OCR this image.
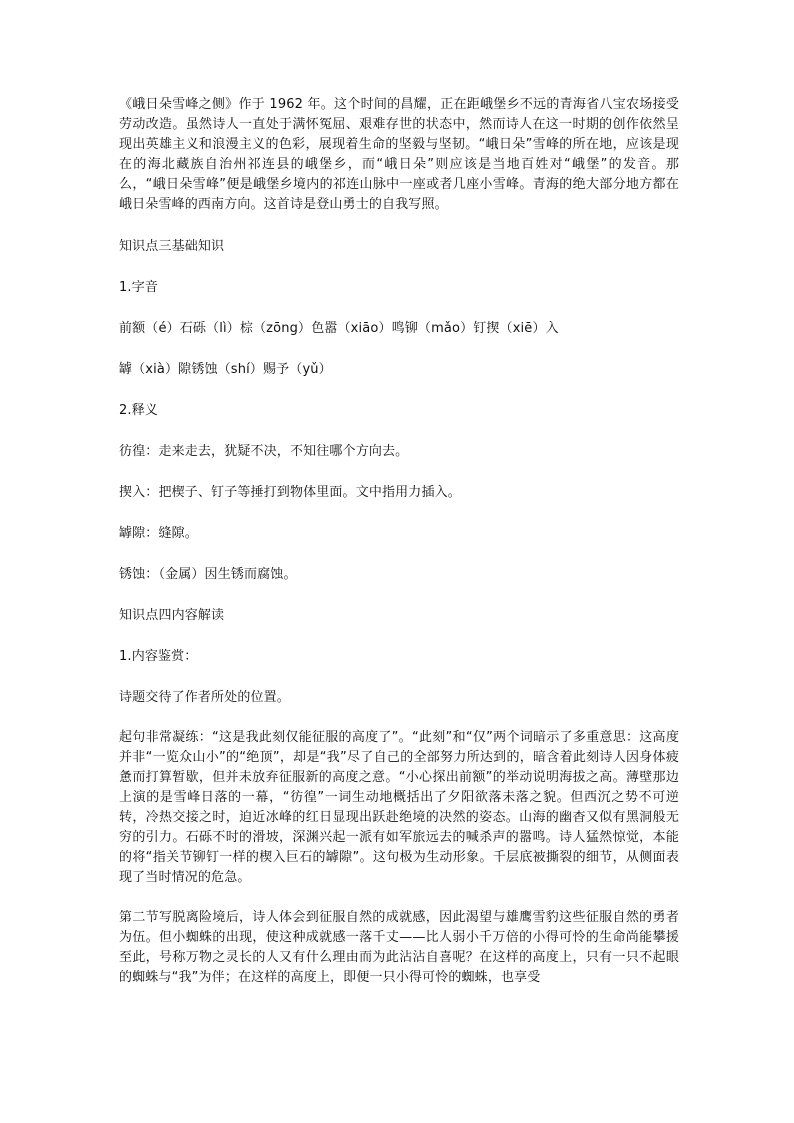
《峨日朵雪峰之侧》作于 1962 年。这个时间的昌耀，正在距峨堡乡不远的青海省八宝农场接受劳动改造。虽然诗人一直处于满怀冤屈、艰难存世的状态中，然而诗人在这一时期的创作依然呈现出英雄主义和浪漫主义的色彩，展现着生命的坚毅与坚韧。“峨日朵”雪峰的所在地，应该是现在的海北藏族自治州祁连县的峨堡乡，而“峨日朵”则应该是当地百姓对“峨堡”的发音。那么，“峨日朵雪峰”便是峨堡乡境内的祁连山脉中一座或者几座小雪峰。青海的绝大部分地方都在峨日朵雪峰的西南方向。这首诗是登山勇士的自我写照。

知识点三基础知识

1.字音

前额（é）石砾（lì）棕（zōng）色嚣（xiāo）鸣铆（mǎo）钉揳（xiē）入

罅（xià）隙锈蚀（shí）赐予（yǔ）

2.释义

彷徨：走来走去，犹疑不决，不知往哪个方向去。

揳入：把楔子、钉子等捶打到物体里面。文中指用力插入。

罅隙：缝隙。

锈蚀：（金属）因生锈而腐蚀。

知识点四内容解读

1.内容鉴赏：

诗题交待了作者所处的位置。

起句非常凝练：“这是我此刻仅能征服的高度了”。“此刻”和“仅”两个词暗示了多重意思：这高度并非“一览众山小”的“绝顶”，却是“我”尽了自己的全部努力所达到的，暗含着此刻诗人因身体疲惫而打算暂歇，但并未放弃征服新的高度之意。“小心探出前额”的举动说明海拔之高。薄壁那边上演的是雪峰日落的一幕，“彷徨”一词生动地概括出了夕阳欲落未落之貌。但西沉之势不可逆转，冷热交接之时，迫近冰峰的红日显现出跃赴绝境的决然的姿态。山海的幽杳又似有黑洞般无穷的引力。石砾不时的滑坡，深渊兴起一派有如军旅远去的喊杀声的嚣鸣。诗人猛然惊觉，本能的将“指关节铆钉一样的楔入巨石的罅隙”。这句极为生动形象。千层底被撕裂的细节，从侧面表现了当时情况的危急。

第二节写脱离险境后，诗人体会到征服自然的成就感，因此渴望与雄鹰雪豹这些征服自然的勇者为伍。但小蜘蛛的出现，使这种成就感一落千丈——比人弱小千万倍的小得可怜的生命尚能攀援至此，号称万物之灵长的人又有什么理由而为此沾沾自喜呢？在这样的高度上，只有一只不起眼的蜘蛛与“我”为伴；在这样的高度上，即便一只小得可怜的蜘蛛，也享受
